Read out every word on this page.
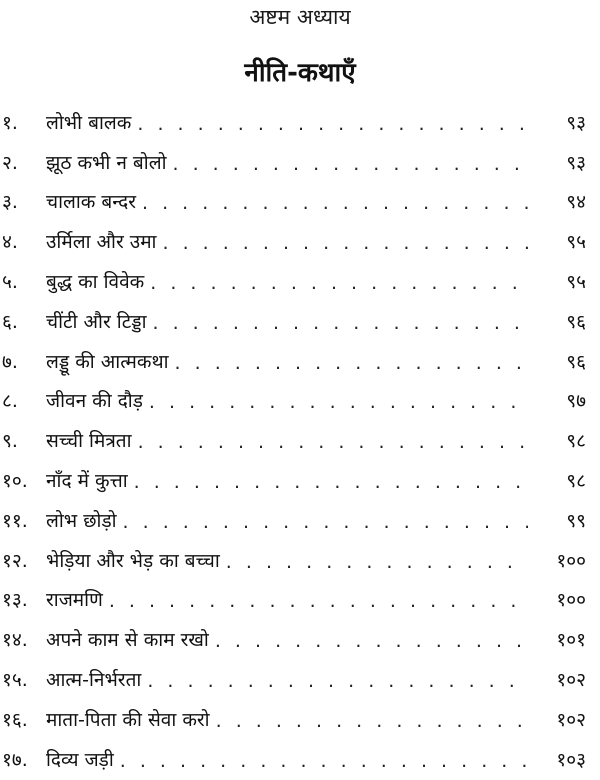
अष्टम अध्याय
नीति-कथाएँ
१.	लोभी बालक . . .	९३
२.	झूठ कभी न बोलो . . .	९३
३.	चालाक बन्दर . . .	९४
४.	उर्मिला और उमा . . .	९५
५.	बुद्ध का विवेक . . .	९५
६.	चींटी और टिड्डा . . .	९६
७.	लड्डू की आत्मकथा . . .	९६
८.	जीवन की दौड़ . . .	९७
९.	सच्ची मित्रता . . .	९८
१०. नाँद में कुत्ता . . .	९८
११. लोभ छोड़ो . . .	९९
१२. भेड़िया और भेड़ का बच्चा . . .	१००
१३. राजमणि . . .	१००
१४. अपने काम से काम रखो . . .	१०१
१५. आत्म-निर्भरता . . .	१०२
१६. माता-पिता की सेवा करो . . .	१०२
१७. दिव्य जड़ी . . .	१०३
